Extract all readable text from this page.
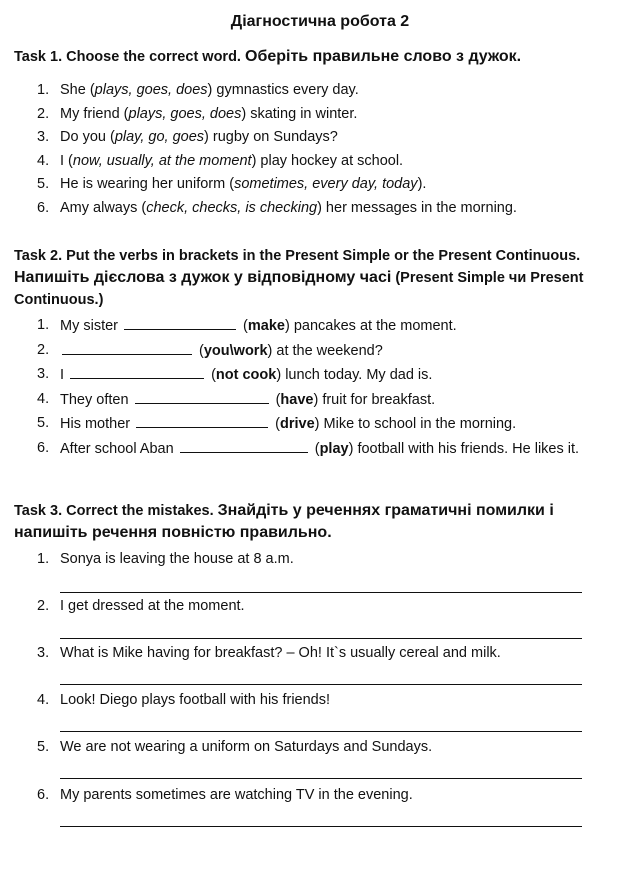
Діагностична робота 2
Task 1. Choose the correct word. Оберіть правильне слово з дужок.
1. She (plays, goes, does) gymnastics every day.
2. My friend (plays, goes, does) skating in winter.
3. Do you (play, go, goes) rugby on Sundays?
4. I (now, usually, at the moment) play hockey at school.
5. He is wearing her uniform (sometimes, every day, today).
6. Amy always (check, checks, is checking) her messages in the morning.
Task 2. Put the verbs in brackets in the Present Simple or the Present Continuous.
Напишіть дієслова з дужок у відповідному часі (Present Simple чи Present Continuous.)
1. My sister	(make) pancakes at the moment.
2.	(you\work) at the weekend?
3. I	(not cook) lunch today. My dad is.
4. They often	(have) fruit for breakfast.
5. His mother	(drive) Mike to school in the morning.
6. After school Aban	(play) football with his friends. He likes it.
Task 3. Correct the mistakes. Знайдіть у реченнях граматичні помилки і напишіть речення повністю правильно.
1. Sonya is leaving the house at 8 a.m.
2. I get dressed at the moment.
3. What is Mike having for breakfast? – Oh! It`s usually cereal and milk.
4. Look! Diego plays football with his friends!
5. We are not wearing a uniform on Saturdays and Sundays.
6. My parents sometimes are watching TV in the evening.
